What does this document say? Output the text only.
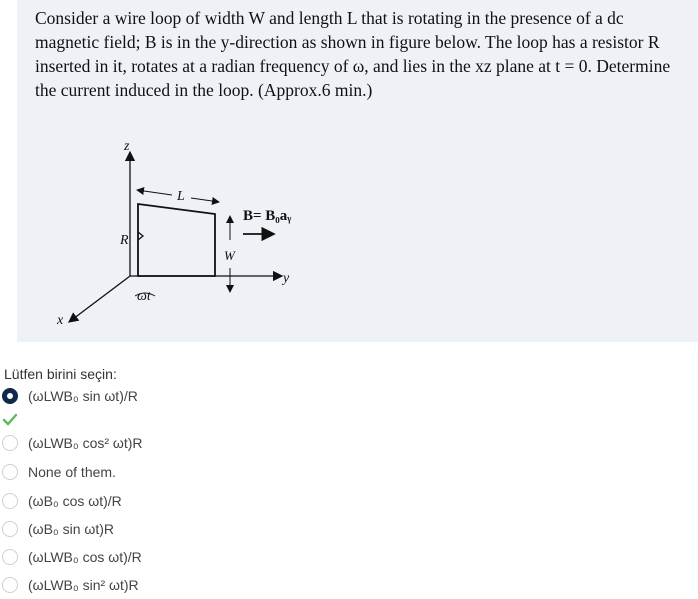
Consider a wire loop of width W and length L that is rotating in the presence of a dc

magnetic field; B is in the y-direction as shown in figure below. The loop has a resistor R

inserted in it, rotates at a radian frequency of ω, and lies in the xz plane at t = 0. Determine

the current induced in the loop. (Approx.6 min.)

z
y
x
R
L
W
B= B₀aᵧ
ωt
Lütfen birini seçin:
(ωLWB₀ sin ωt)/R
(ωLWB₀ cos² ωt)R
None of them.
(ωB₀ cos ωt)/R
(ωB₀ sin ωt)R
(ωLWB₀ cos ωt)/R
(ωLWB₀ sin² ωt)R
